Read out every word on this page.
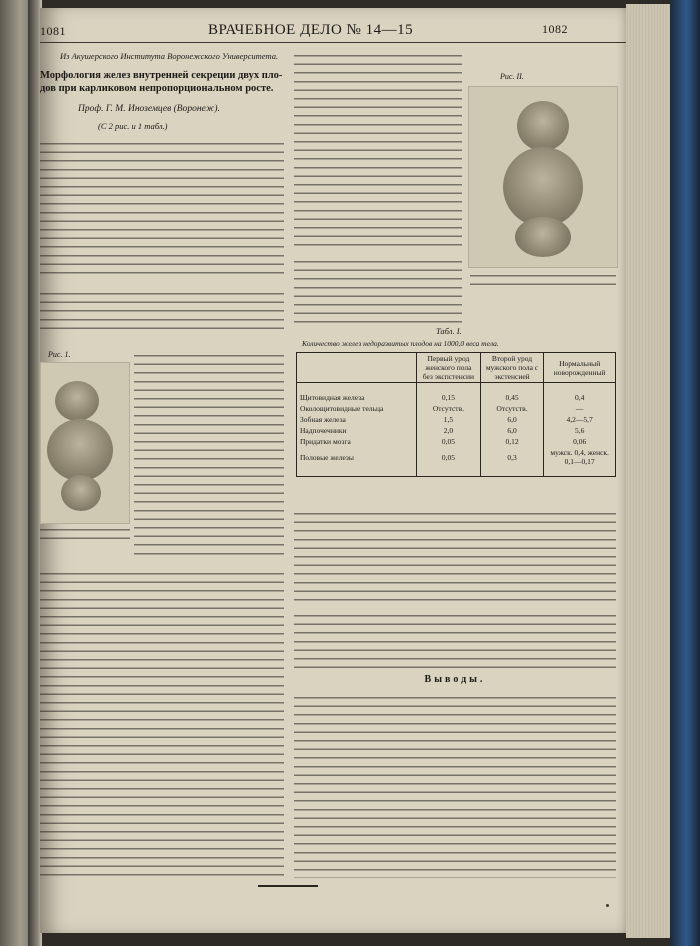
1081	ВРАЧЕБНОЕ ДЕЛО № 14—15	1082
Из Акушерского Института Воронежского Университета.
Морфология желез внутренней секреции двух пло-
дов при карликовом непропорциональном росте.
Проф. Г. М. Иноземцев (Воронеж).
(С 2 рис. и 1 табл.)
Рис. 1.
Рис. II.
Табл. I.
Количество желез недоразвитых плодов на 1000,0 веса тела.
	Первый урод женского пола без экспстенсии	Второй урод мужского пола с экстенсией	Нормальный новорожденный
Щитовидная железа	0,15	0,45	0,4
Околощитовидные тельца	Отсутств.	Отсутств.	—
Зобная железа	1,5	6,0	4,2—5,7
Надпочечники	2,0	6,0	5,6
Придатки мозга	0,05	0,12	0,06
Половые железы	0,05	0,3	мужск. 0,4, женск. 0,1—0,17
Выводы.
